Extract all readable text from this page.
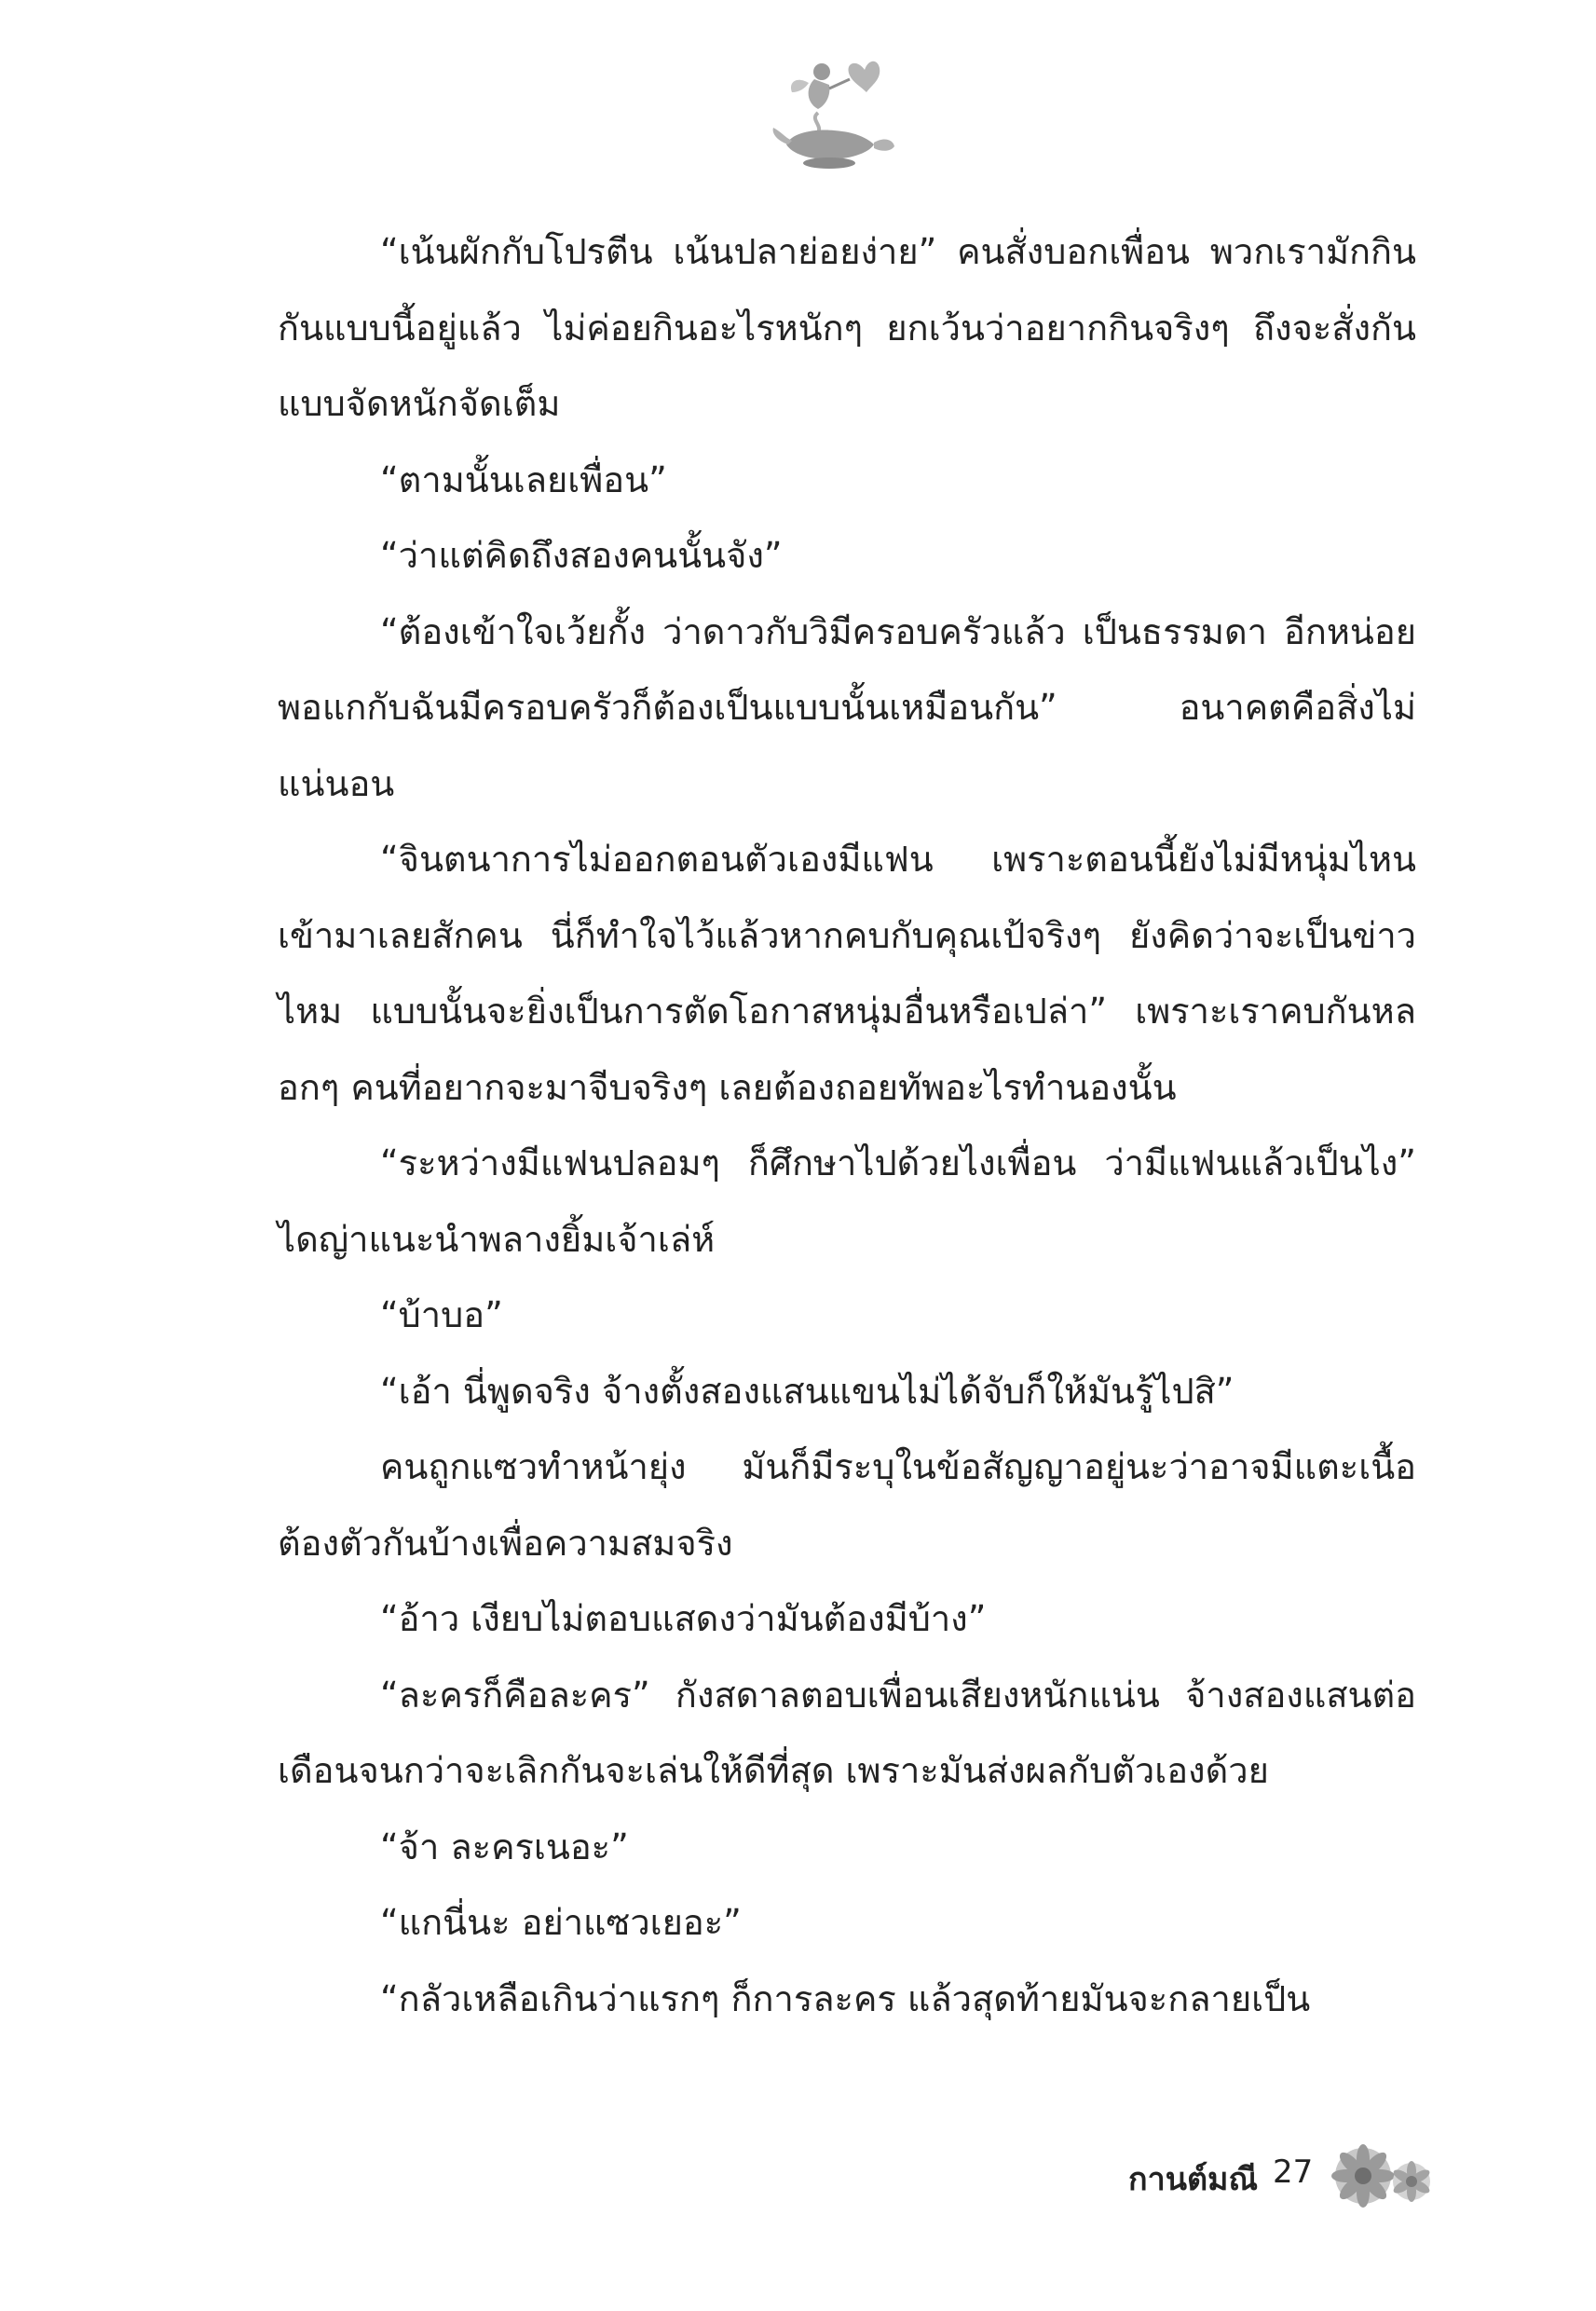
“เน้นผักกับโปรตีน เน้นปลาย่อยง่าย” คนสั่งบอกเพื่อน พวกเรามักกินกันแบบนี้อยู่แล้ว ไม่ค่อยกินอะไรหนักๆ ยกเว้นว่าอยากกินจริงๆ ถึงจะสั่งกันแบบจัดหนักจัดเต็ม

“ตามนั้นเลยเพื่อน”

“ว่าแต่คิดถึงสองคนนั้นจัง”

“ต้องเข้าใจเว้ยกั้ง ว่าดาวกับวิมีครอบครัวแล้ว เป็นธรรมดา อีกหน่อยพอแกกับฉันมีครอบครัวก็ต้องเป็นแบบนั้นเหมือนกัน” อนาคตคือสิ่งไม่แน่นอน

“จินตนาการไม่ออกตอนตัวเองมีแฟน เพราะตอนนี้ยังไม่มีหนุ่มไหนเข้ามาเลยสักคน นี่ก็ทำใจไว้แล้วหากคบกับคุณเป้จริงๆ ยังคิดว่าจะเป็นข่าวไหม แบบนั้นจะยิ่งเป็นการตัดโอกาสหนุ่มอื่นหรือเปล่า” เพราะเราคบกันหลอกๆ คนที่อยากจะมาจีบจริงๆ เลยต้องถอยทัพอะไรทำนองนั้น

“ระหว่างมีแฟนปลอมๆ ก็ศึกษาไปด้วยไงเพื่อน ว่ามีแฟนแล้วเป็นไง” ไดญ่าแนะนำพลางยิ้มเจ้าเล่ห์

“บ้าบอ”

“เอ้า นี่พูดจริง จ้างตั้งสองแสนแขนไม่ได้จับก็ให้มันรู้ไปสิ”

คนถูกแซวทำหน้ายุ่ง มันก็มีระบุในข้อสัญญาอยู่นะว่าอาจมีแตะเนื้อต้องตัวกันบ้างเพื่อความสมจริง

“อ้าว เงียบไม่ตอบแสดงว่ามันต้องมีบ้าง”

“ละครก็คือละคร” กังสดาลตอบเพื่อนเสียงหนักแน่น จ้างสองแสนต่อเดือนจนกว่าจะเลิกกันจะเล่นให้ดีที่สุด เพราะมันส่งผลกับตัวเองด้วย

“จ้า ละครเนอะ”

“แกนี่นะ อย่าแซวเยอะ”

“กลัวเหลือเกินว่าแรกๆ ก็การละคร แล้วสุดท้ายมันจะกลายเป็น

กานต์มณี 27
